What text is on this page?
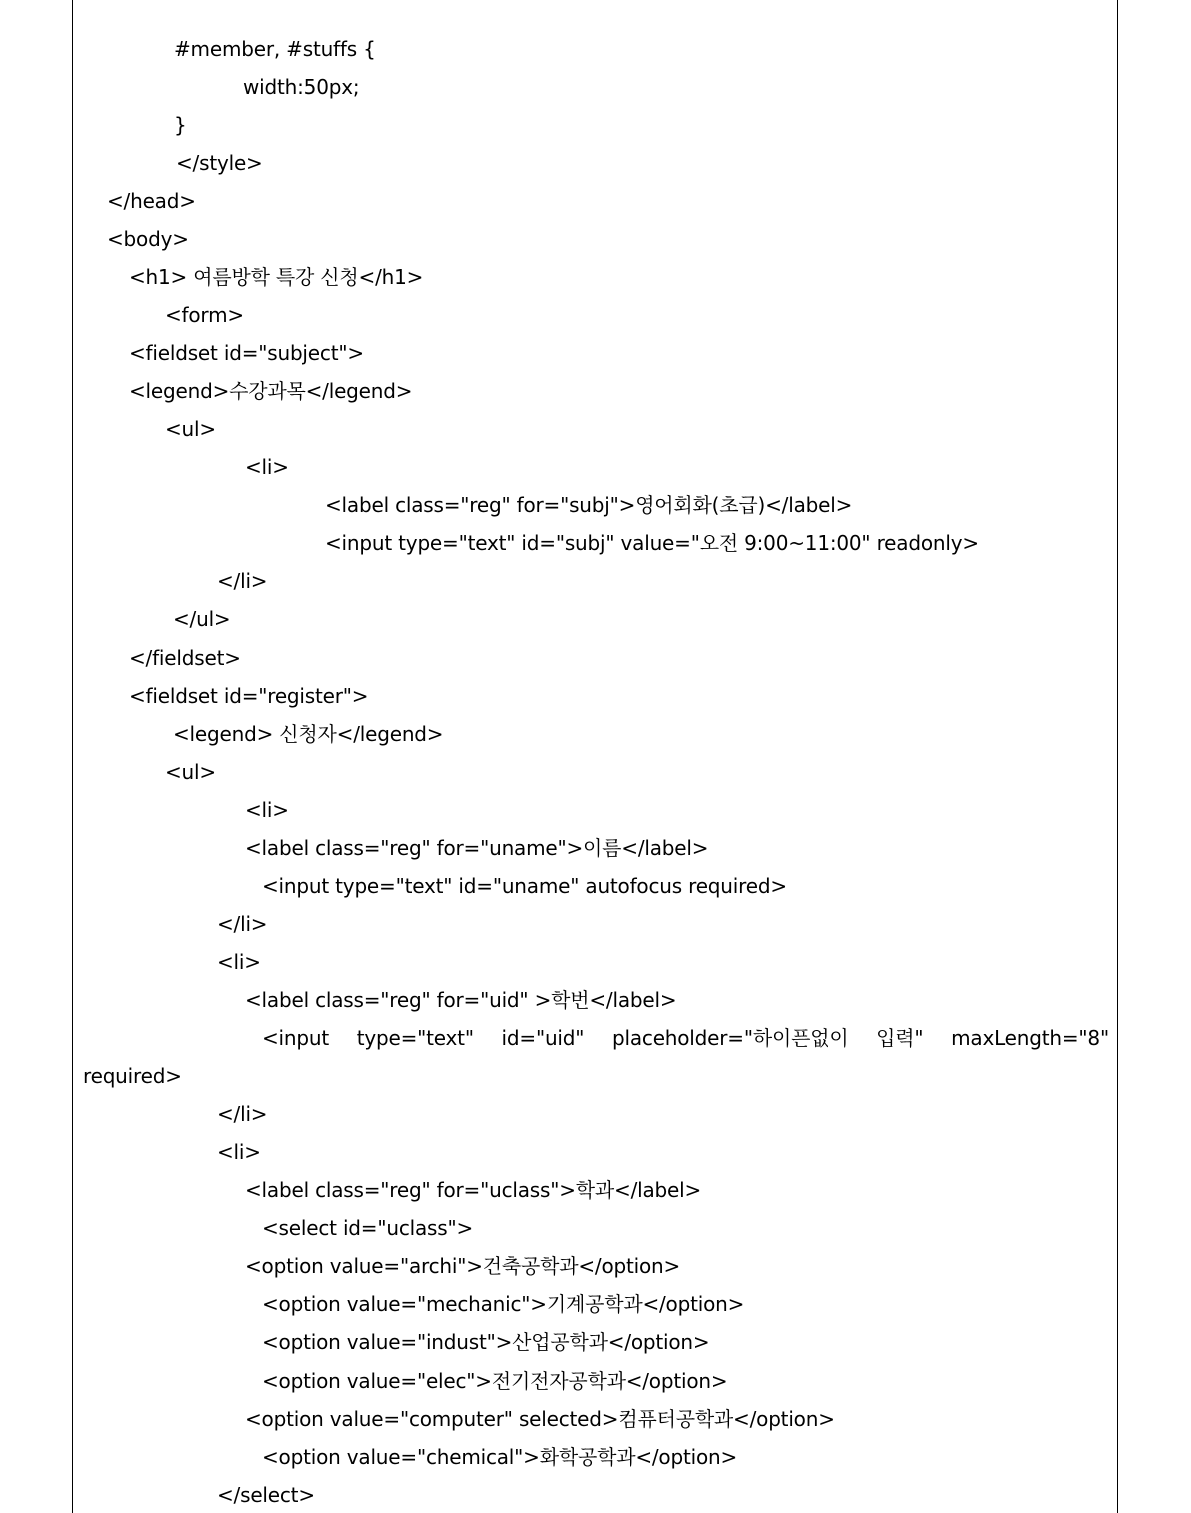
#member, #stuffs {
width:50px;
}
</style>
</head>
<body>
<h1> 여름방학 특강 신청</h1>
<form>
<fieldset id="subject">
<legend>수강과목</legend>
<ul>
<li>
<label class="reg" for="subj">영어회화(초급)</label>
<input type="text" id="subj" value="오전 9:00~11:00" readonly>
</li>
</ul>
</fieldset>
<fieldset id="register">
<legend> 신청자</legend>
<ul>
<li>
<label class="reg" for="uname">이름</label>
<input type="text" id="uname" autofocus required>
</li>
<li>
<label class="reg" for="uid" >학번</label>
<input type="text" id="uid" placeholder="하이픈없이 입력" maxLength="8"
required>
</li>
<li>
<label class="reg" for="uclass">학과</label>
<select id="uclass">
<option value="archi">건축공학과</option>
<option value="mechanic">기계공학과</option>
<option value="indust">산업공학과</option>
<option value="elec">전기전자공학과</option>
<option value="computer" selected>컴퓨터공학과</option>
<option value="chemical">화학공학과</option>
</select>
